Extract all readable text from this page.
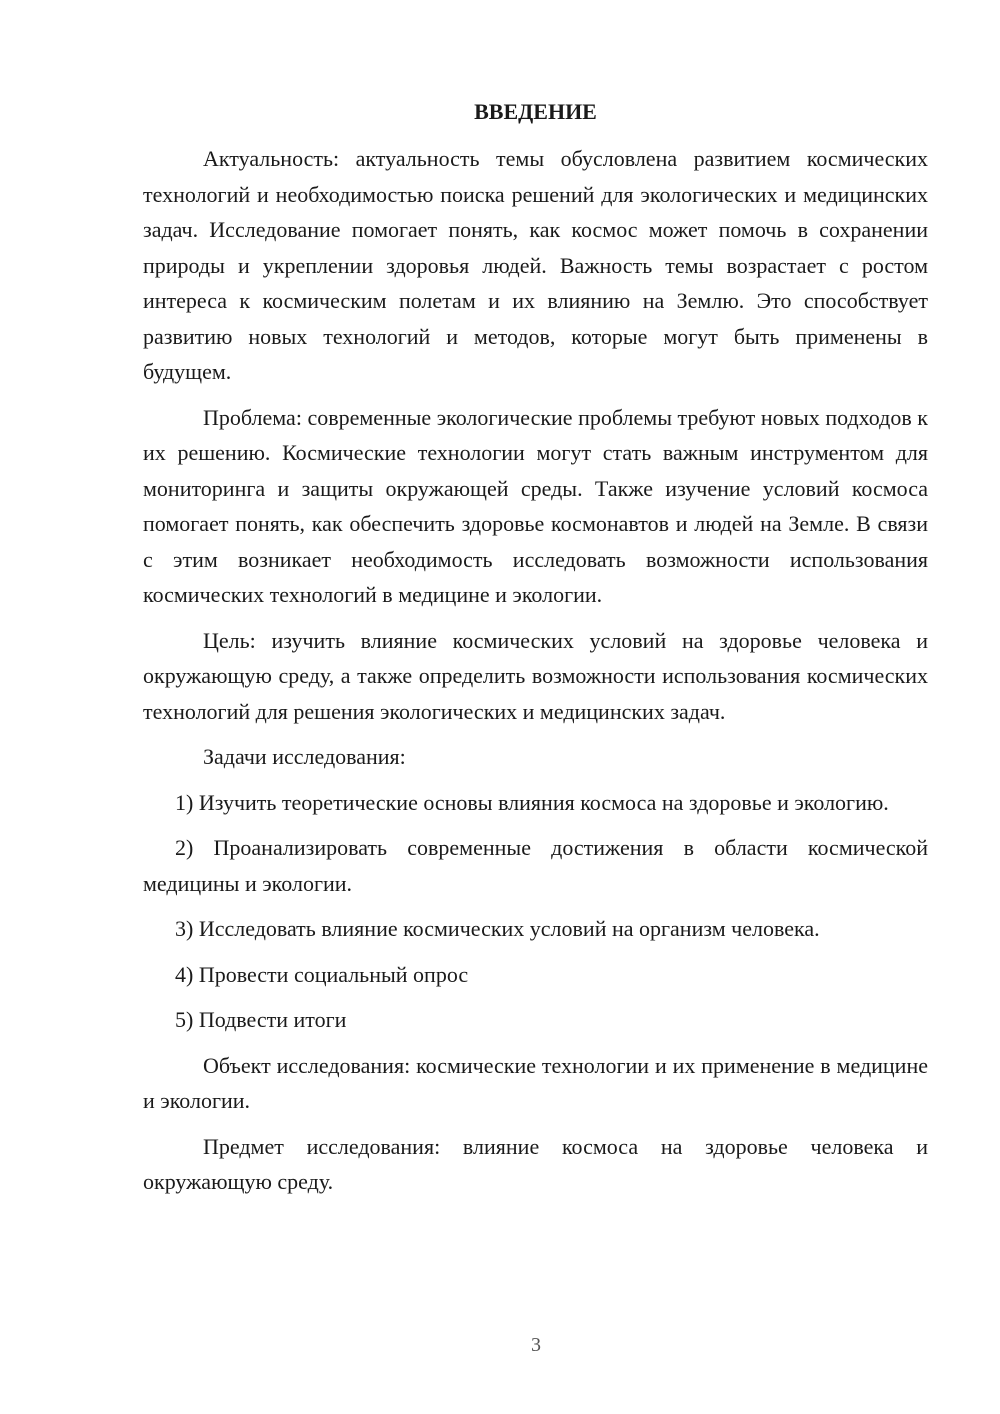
ВВЕДЕНИЕ

Актуальность: актуальность темы обусловлена развитием космических технологий и необходимостью поиска решений для экологических и медицинских задач. Исследование помогает понять, как космос может помочь в сохранении природы и укреплении здоровья людей. Важность темы возрастает с ростом интереса к космическим полетам и их влиянию на Землю. Это способствует развитию новых технологий и методов, которые могут быть применены в будущем.

Проблема: современные экологические проблемы требуют новых подходов к их решению. Космические технологии могут стать важным инструментом для мониторинга и защиты окружающей среды. Также изучение условий космоса помогает понять, как обеспечить здоровье космонавтов и людей на Земле. В связи с этим возникает необходимость исследовать возможности использования космических технологий в медицине и экологии.

Цель: изучить влияние космических условий на здоровье человека и окружающую среду, а также определить возможности использования космических технологий для решения экологических и медицинских задач.

Задачи исследования:

1) Изучить теоретические основы влияния космоса на здоровье и экологию.

2) Проанализировать современные достижения в области космической медицины и экологии.

3) Исследовать влияние космических условий на организм человека.

4) Провести социальный опрос

5) Подвести итоги

Объект исследования: космические технологии и их применение в медицине и экологии.

Предмет исследования: влияние космоса на здоровье человека и окружающую среду.

3
